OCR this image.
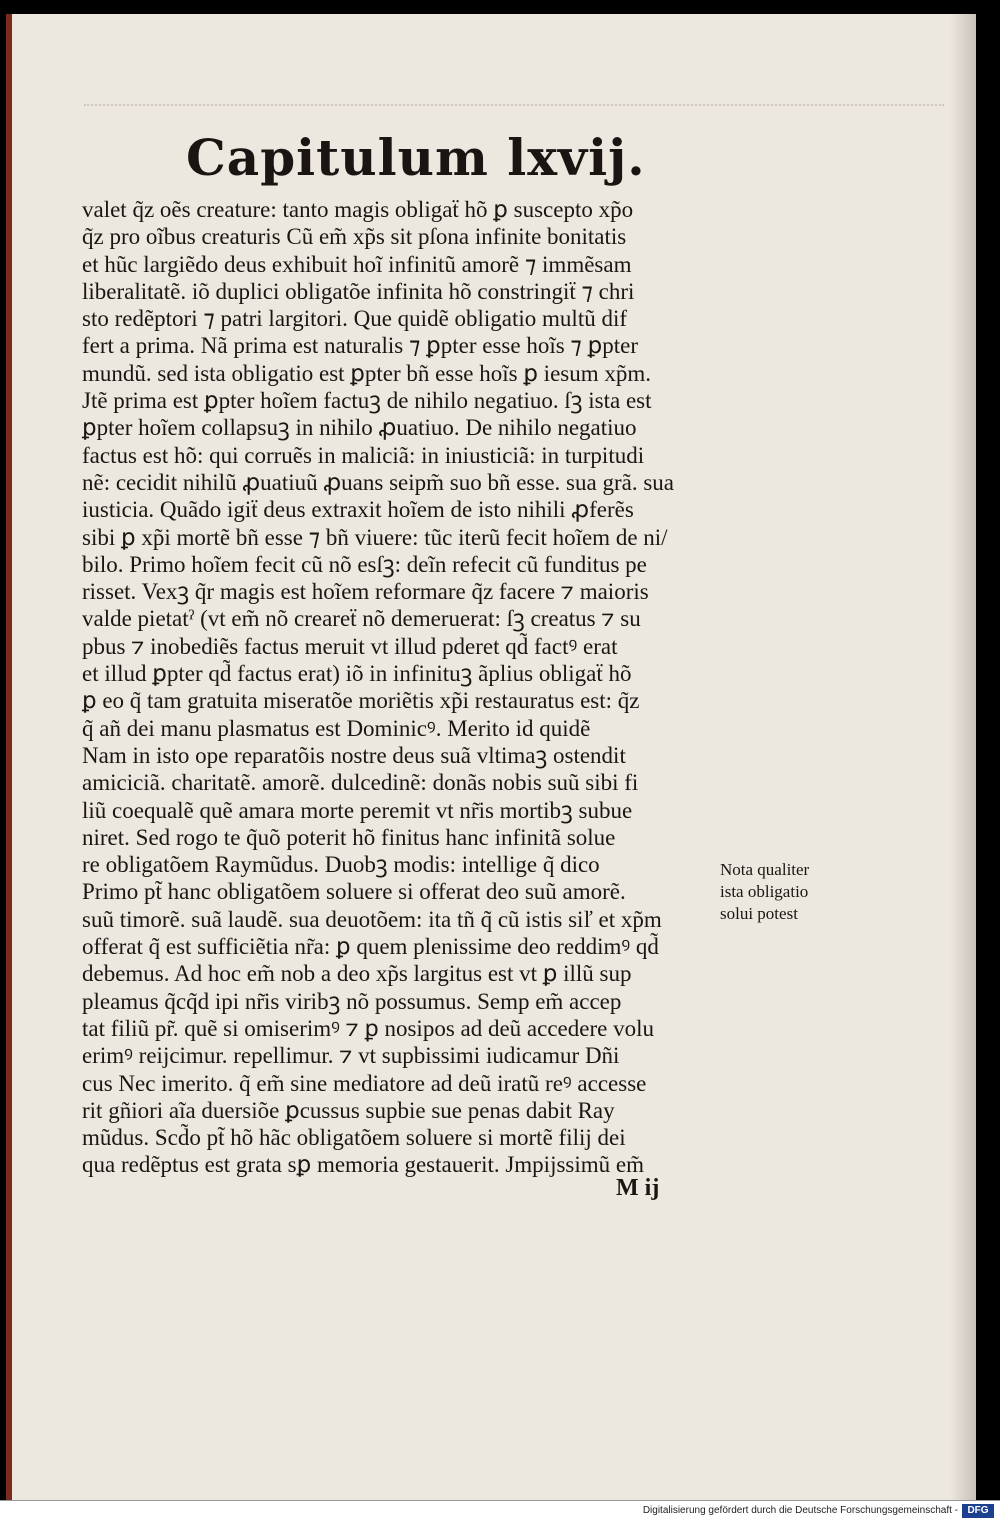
Capitulum lxvij.
valet q̃z oẽs creature: tanto magis obligaẗ hõ ꝑ suscepto xp̃o
q̃z pro oĩbus creaturis Cũ em̃ xp̃s sit pſona infinite bonitatis
et hũc largiẽdo deus exhibuit hoĩ infinitũ amorẽ ⁊ immẽsam
liberalitatẽ. iõ duplici obligatõe infinita hõ constringiẗ ⁊ chri
sto redẽptori ⁊ patri largitori. Que quidẽ obligatio multũ dif
fert a prima. Nã prima est naturalis ⁊ ꝑpter esse hoĩs ⁊ ꝑpter
mundũ. sed ista obligatio est ꝑpter bñ esse hoĩs ꝑ iesum xp̃m.
Jtẽ prima est ꝑpter hoĩem factuꝫ de nihilo negatiuo. ſꝫ ista est
ꝑpter hoĩem collapsuꝫ in nihilo ꝓuatiuo. De nihilo negatiuo
factus est hõ: qui corruẽs in maliciã: in iniusticiã: in turpitudi
nẽ: cecidit nihilũ ꝓuatiuũ ꝓuans seipm̃ suo bñ esse. sua grã. sua
iusticia. Quãdo igiẗ deus extraxit hoĩem de isto nihili ꝓferẽs
sibi ꝑ xp̃i mortẽ bñ esse ⁊ bñ viuere: tũc iterũ fecit hoĩem de ni/
bilo. Primo hoĩem fecit cũ nõ esſꝫ: deĩn refecit cũ funditus pe
risset. Vexꝫ q̃r magis est hoĩem reformare q̃z facere ⁊ maioris
valde pietatˀ (vt em̃ nõ creareẗ nõ demeruerat: ſꝫ creatus ⁊ su
pbus ⁊ inobediẽs factus meruit vt illud pderet qd̃ factꝰ erat
et illud ꝑpter qd̃ factus erat) iõ in infinituꝫ ãplius obligaẗ hõ
ꝑ eo q̃ tam gratuita miseratõe moriẽtis xp̃i restauratus est: q̃z
q̃ añ dei manu plasmatus est Dominicꝰ. Merito id quidẽ
Nam in isto ope reparatõis nostre deus suã vltimaꝫ ostendit
amiciciã. charitatẽ. amorẽ. dulcedinẽ: donãs nobis suũ sibi fi
liũ coequalẽ quẽ amara morte peremit vt nr̃is mortibꝫ subue
niret. Sed rogo te q̃uõ poterit hõ finitus hanc infinitã solue
re obligatõem Raymũdus. Duobꝫ modis: intellige q̃ dico
Primo pt̃ hanc obligatõem soluere si offerat deo suũ amorẽ.
suũ timorẽ. suã laudẽ. sua deuotõem: ita tñ q̃ cũ istis siľ et xp̃m
offerat q̃ est sufficiẽtia nr̃a: ꝑ quem plenissime deo reddimꝰ qd̃
debemus. Ad hoc em̃ nob a deo xp̃s largitus est vt ꝑ illũ sup
pleamus q̃cq̃d ipi nr̃is viribꝫ nõ possumus. Semp em̃ accep
tat filiũ pr̃. quẽ si omiserimꝰ ⁊ ꝑ nosipos ad deũ accedere volu
erimꝰ reijcimur. repellimur. ⁊ vt supbissimi iudicamur Dñi
cus Nec imerito. q̃ em̃ sine mediatore ad deũ iratũ reꝰ accesse
rit gñiori aĩa duersiõe ꝑcussus supbie sue penas dabit Ray
mũdus. Scd̃o pt̃ hõ hãc obligatõem soluere si mortẽ filij dei
qua redẽptus est grata sꝑ memoria gestauerit. Jmpijssimũ em̃
Nota qualiter
ista obligatio
solui potest
M ij
Digitalisierung gefördert durch die Deutsche Forschungsgemeinschaft - DFG
